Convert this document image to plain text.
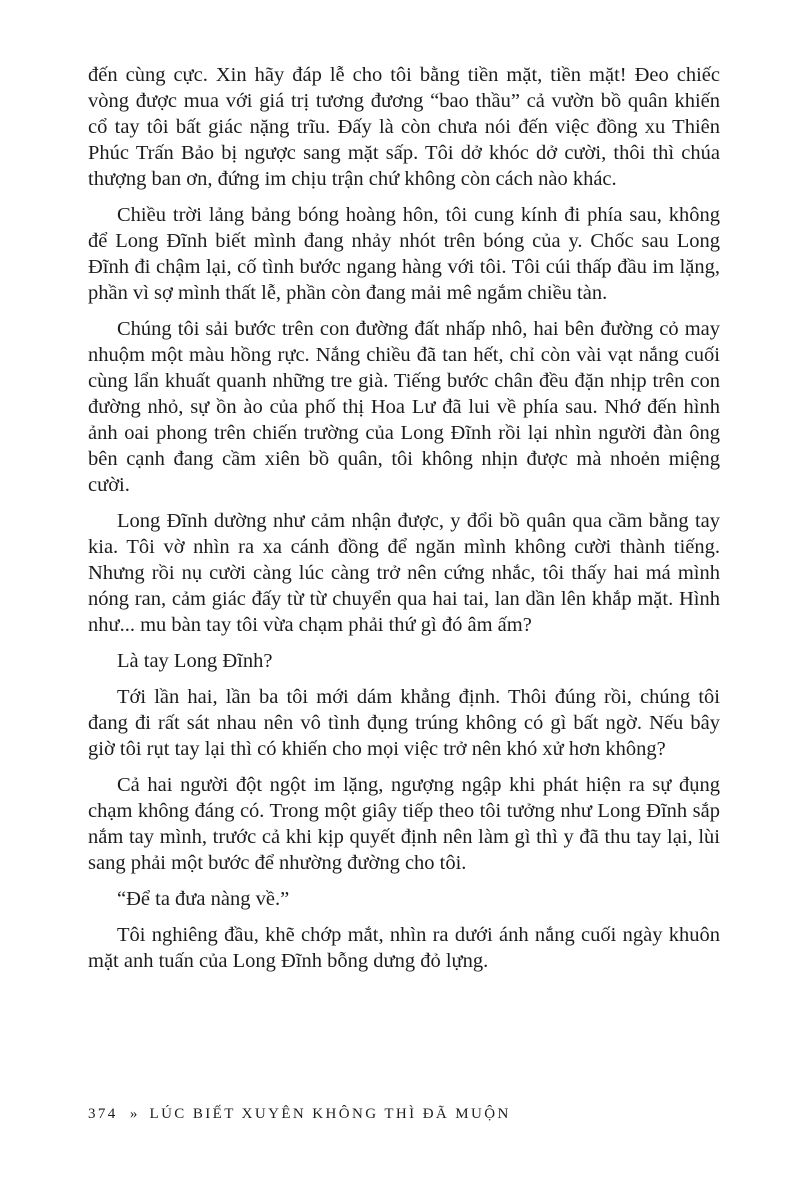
đến cùng cực. Xin hãy đáp lễ cho tôi bằng tiền mặt, tiền mặt! Đeo chiếc vòng được mua với giá trị tương đương “bao thầu” cả vườn bồ quân khiến cổ tay tôi bất giác nặng trĩu. Đấy là còn chưa nói đến việc đồng xu Thiên Phúc Trấn Bảo bị ngược sang mặt sấp. Tôi dở khóc dở cười, thôi thì chúa thượng ban ơn, đứng im chịu trận chứ không còn cách nào khác.

Chiều trời lảng bảng bóng hoàng hôn, tôi cung kính đi phía sau, không để Long Đĩnh biết mình đang nhảy nhót trên bóng của y. Chốc sau Long Đĩnh đi chậm lại, cố tình bước ngang hàng với tôi. Tôi cúi thấp đầu im lặng, phần vì sợ mình thất lễ, phần còn đang mải mê ngắm chiều tàn.

Chúng tôi sải bước trên con đường đất nhấp nhô, hai bên đường cỏ may nhuộm một màu hồng rực. Nắng chiều đã tan hết, chỉ còn vài vạt nắng cuối cùng lẩn khuất quanh những tre già. Tiếng bước chân đều đặn nhịp trên con đường nhỏ, sự ồn ào của phố thị Hoa Lư đã lui về phía sau. Nhớ đến hình ảnh oai phong trên chiến trường của Long Đĩnh rồi lại nhìn người đàn ông bên cạnh đang cầm xiên bồ quân, tôi không nhịn được mà nhoẻn miệng cười.

Long Đĩnh dường như cảm nhận được, y đổi bồ quân qua cầm bằng tay kia. Tôi vờ nhìn ra xa cánh đồng để ngăn mình không cười thành tiếng. Nhưng rồi nụ cười càng lúc càng trở nên cứng nhắc, tôi thấy hai má mình nóng ran, cảm giác đấy từ từ chuyển qua hai tai, lan dần lên khắp mặt. Hình như... mu bàn tay tôi vừa chạm phải thứ gì đó âm ấm?

Là tay Long Đĩnh?

Tới lần hai, lần ba tôi mới dám khẳng định. Thôi đúng rồi, chúng tôi đang đi rất sát nhau nên vô tình đụng trúng không có gì bất ngờ. Nếu bây giờ tôi rụt tay lại thì có khiến cho mọi việc trở nên khó xử hơn không?

Cả hai người đột ngột im lặng, ngượng ngập khi phát hiện ra sự đụng chạm không đáng có. Trong một giây tiếp theo tôi tưởng như Long Đĩnh sắp nắm tay mình, trước cả khi kịp quyết định nên làm gì thì y đã thu tay lại, lùi sang phải một bước để nhường đường cho tôi.

“Để ta đưa nàng về.”

Tôi nghiêng đầu, khẽ chớp mắt, nhìn ra dưới ánh nắng cuối ngày khuôn mặt anh tuấn của Long Đĩnh bỗng dưng đỏ lựng.

374 » LÚC BIẾT XUYÊN KHÔNG THÌ ĐÃ MUỘN
